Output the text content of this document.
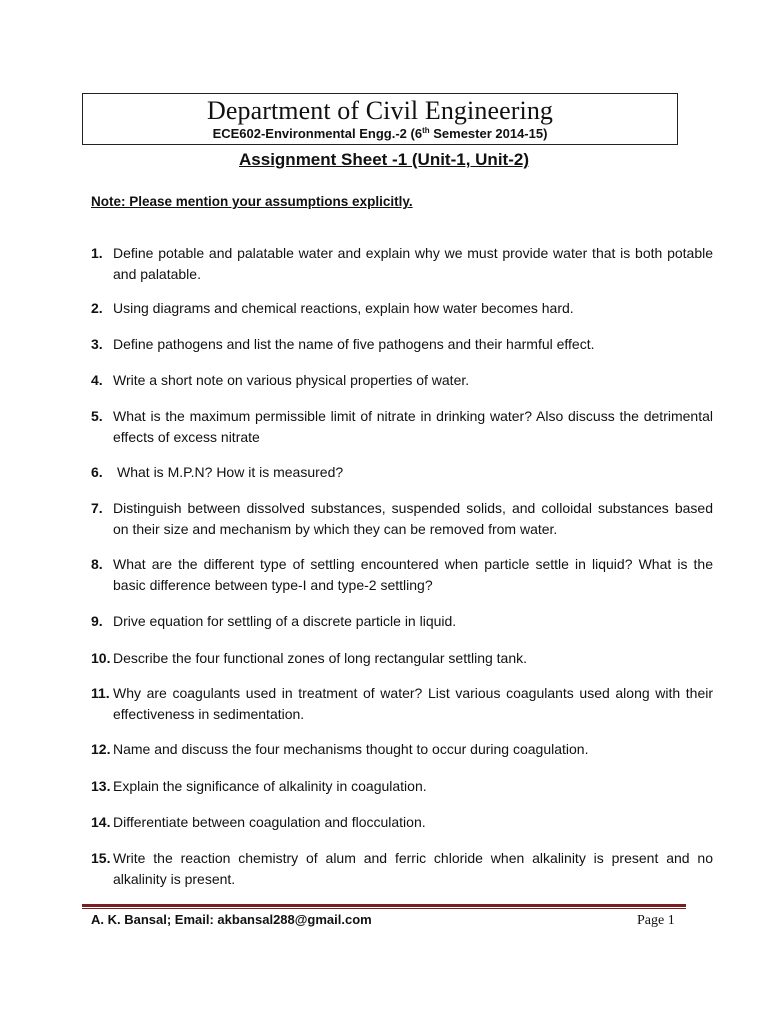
Department of Civil Engineering
ECE602-Environmental Engg.-2 (6th Semester 2014-15)
Assignment Sheet -1 (Unit-1, Unit-2)
Note: Please mention your assumptions explicitly.
1. Define potable and palatable water and explain why we must provide water that is both potable and palatable.
2. Using diagrams and chemical reactions, explain how water becomes hard.
3. Define pathogens and list the name of five pathogens and their harmful effect.
4. Write a short note on various physical properties of water.
5. What is the maximum permissible limit of nitrate in drinking water? Also discuss the detrimental effects of excess nitrate
6. What is M.P.N? How it is measured?
7. Distinguish between dissolved substances, suspended solids, and colloidal substances based on their size and mechanism by which they can be removed from water.
8. What are the different type of settling encountered when particle settle in liquid? What is the basic difference between type-I and type-2 settling?
9. Drive equation for settling of a discrete particle in liquid.
10. Describe the four functional zones of long rectangular settling tank.
11. Why are coagulants used in treatment of water? List various coagulants used along with their effectiveness in sedimentation.
12. Name and discuss the four mechanisms thought to occur during coagulation.
13. Explain the significance of alkalinity in coagulation.
14. Differentiate between coagulation and flocculation.
15. Write the reaction chemistry of alum and ferric chloride when alkalinity is present and no alkalinity is present.
A. K. Bansal; Email: akbansal288@gmail.com	Page 1
